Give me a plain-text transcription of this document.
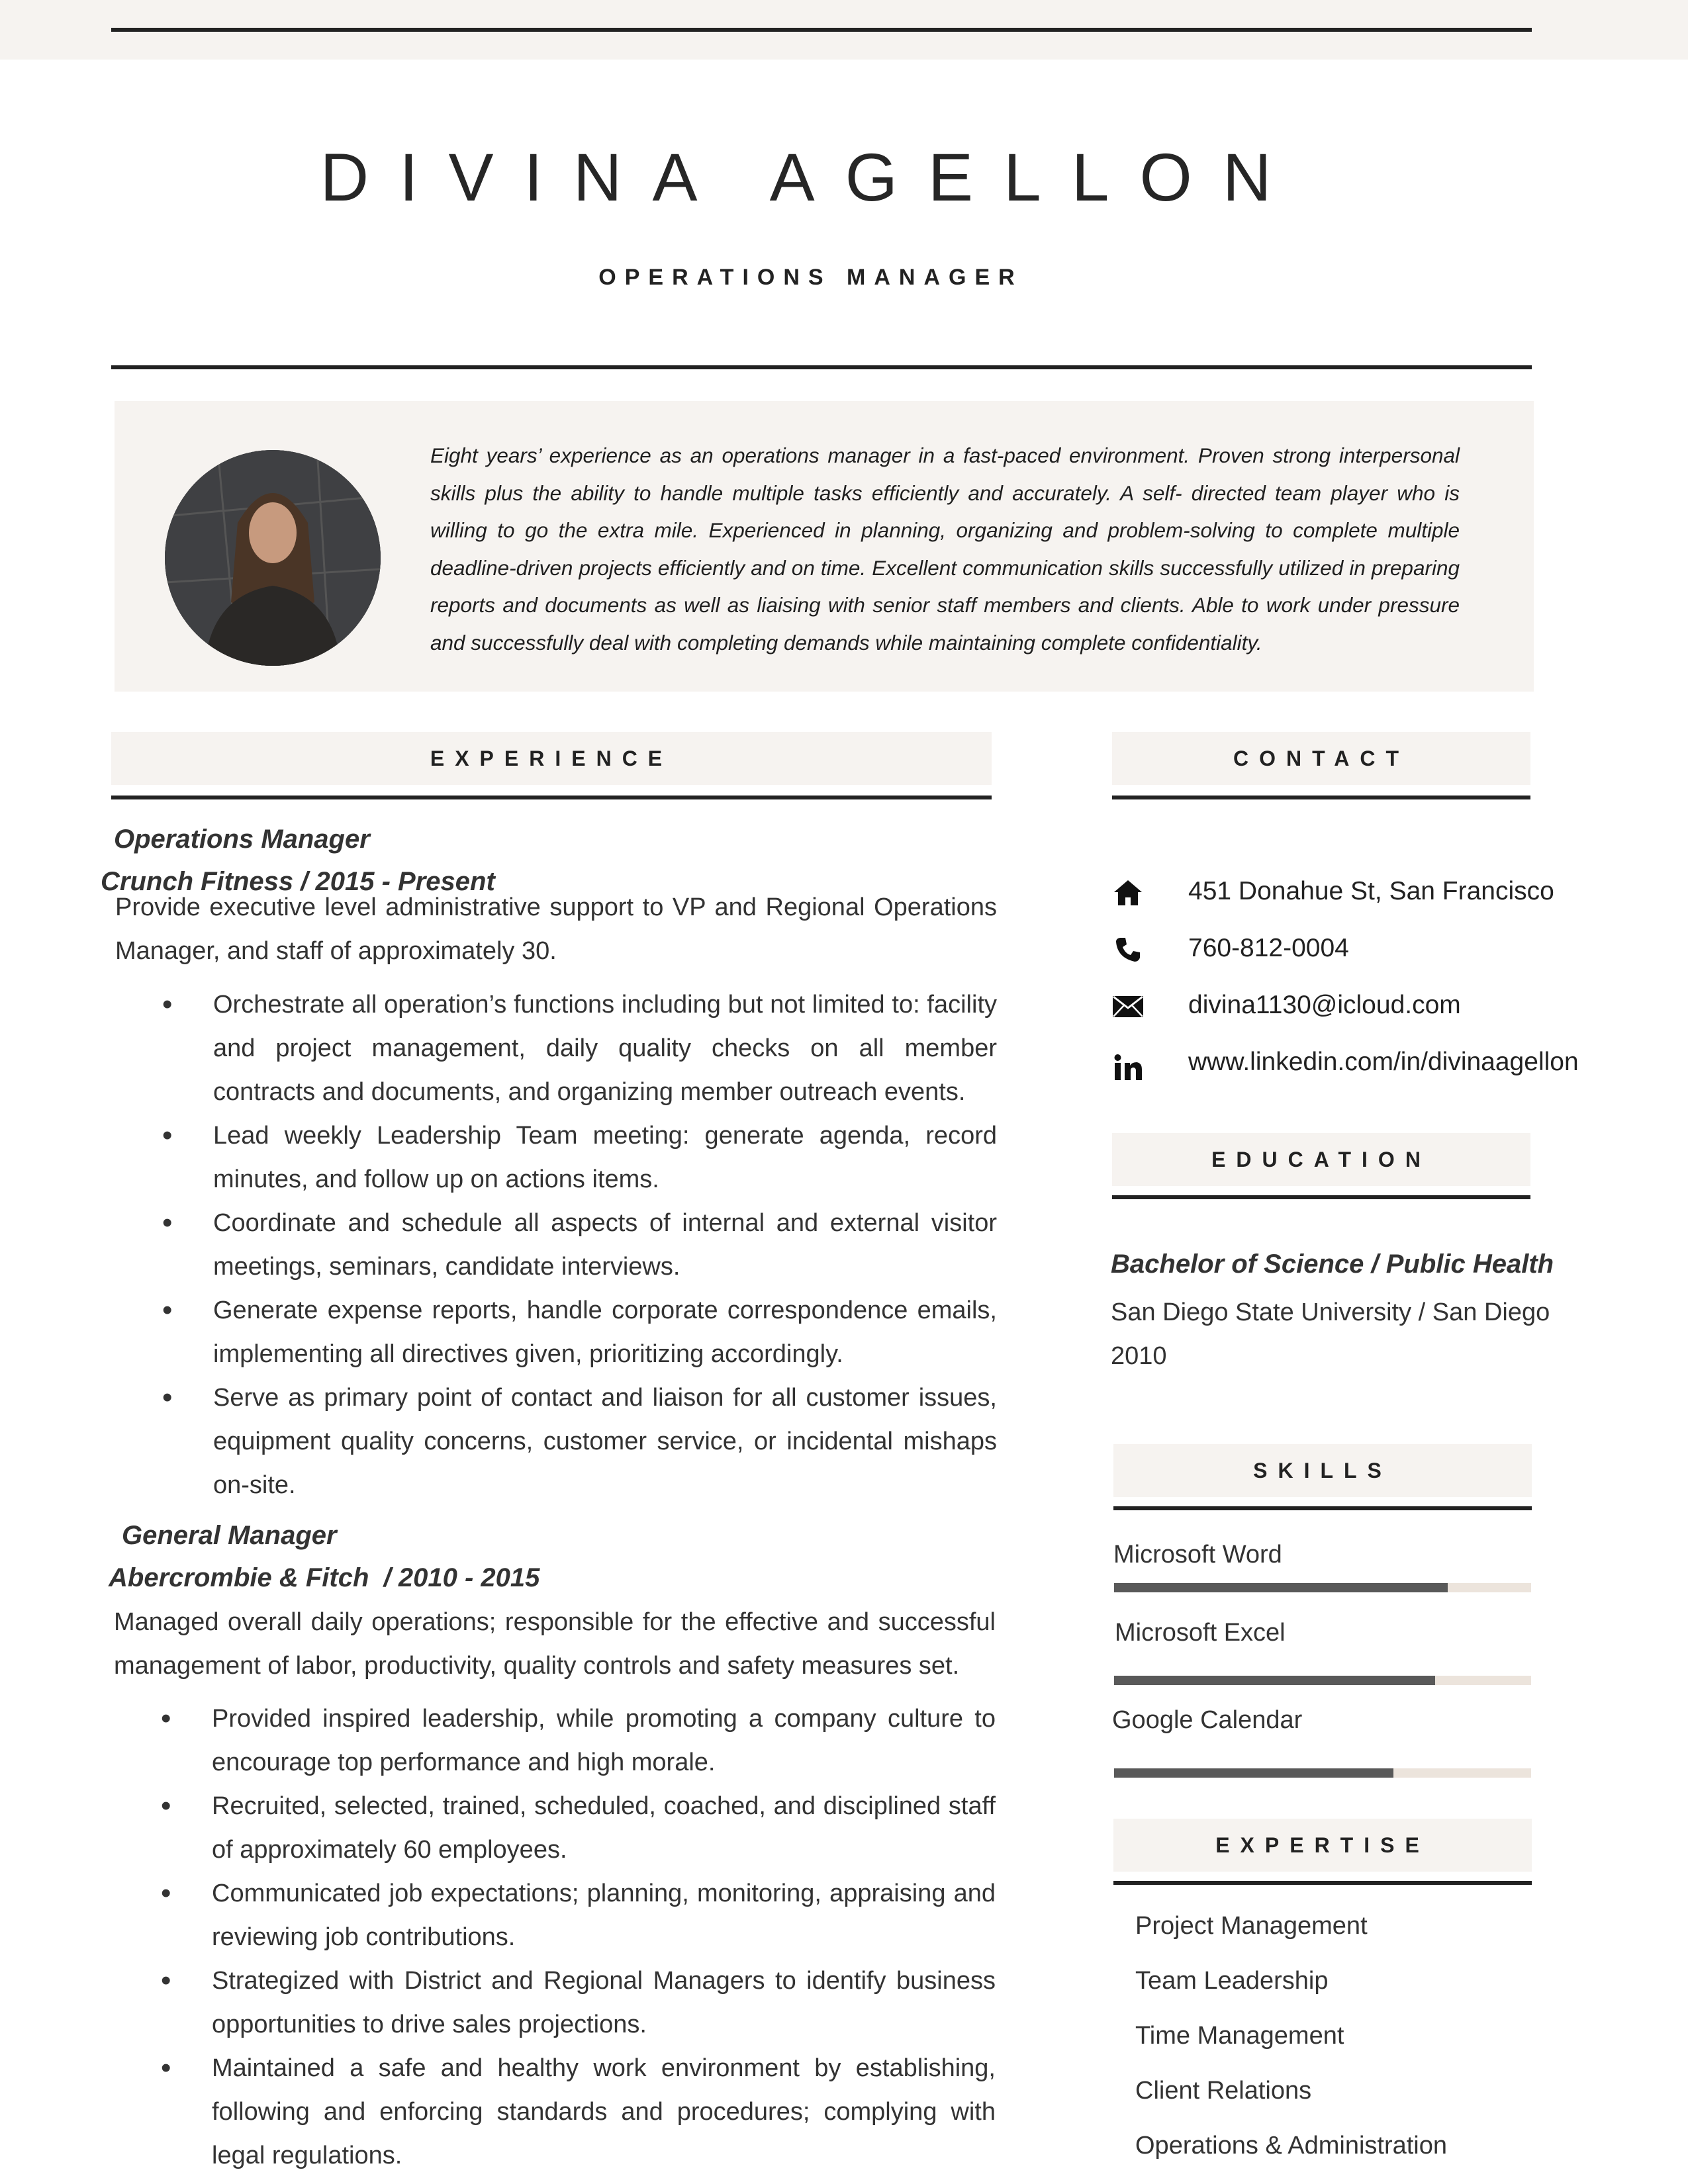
DIVINA AGELLON
OPERATIONS MANAGER
Eight years’ experience as an operations manager in a fast-paced environment. Proven strong interpersonal skills plus the ability to handle multiple tasks efficiently and accurately. A self- directed team player who is willing to go the extra mile. Experienced in planning, organizing and problem-solving to complete multiple deadline-driven projects efficiently and on time. Excellent communication skills successfully utilized in preparing reports and documents as well as liaising with senior staff members and clients. Able to work under pressure and successfully deal with completing demands while maintaining complete confidentiality.
EXPERIENCE
Operations Manager
Crunch Fitness / 2015 - Present
Provide executive level administrative support to VP and Regional Operations Manager, and staff of approximately 30.
• Orchestrate all operation’s functions including but not limited to: facility and project management, daily quality checks on all member contracts and documents, and organizing member outreach events.
• Lead weekly Leadership Team meeting: generate agenda, record minutes, and follow up on actions items.
• Coordinate and schedule all aspects of internal and external visitor meetings, seminars, candidate interviews.
• Generate expense reports, handle corporate correspondence emails, implementing all directives given, prioritizing accordingly.
• Serve as primary point of contact and liaison for all customer issues, equipment quality concerns, customer service, or incidental mishaps on-site.
General Manager
Abercrombie & Fitch  / 2010 - 2015
Managed overall daily operations; responsible for the effective and successful management of labor, productivity, quality controls and safety measures set.
• Provided inspired leadership, while promoting a company culture to encourage top performance and high morale.
• Recruited, selected, trained, scheduled, coached, and disciplined staff of approximately 60 employees.
• Communicated job expectations; planning, monitoring, appraising and reviewing job contributions.
• Strategized with District and Regional Managers to identify business opportunities to drive sales projections.
• Maintained a safe and healthy work environment by establishing, following and enforcing standards and procedures; complying with legal regulations.
CONTACT
451 Donahue St, San Francisco
760-812-0004
divina1130@icloud.com
www.linkedin.com/in/divinaagellon
EDUCATION
Bachelor of Science / Public Health
San Diego State University / San Diego
2010
SKILLS
Microsoft Word
Microsoft Excel
Google Calendar
EXPERTISE
Project Management
Team Leadership
Time Management
Client Relations
Operations & Administration
